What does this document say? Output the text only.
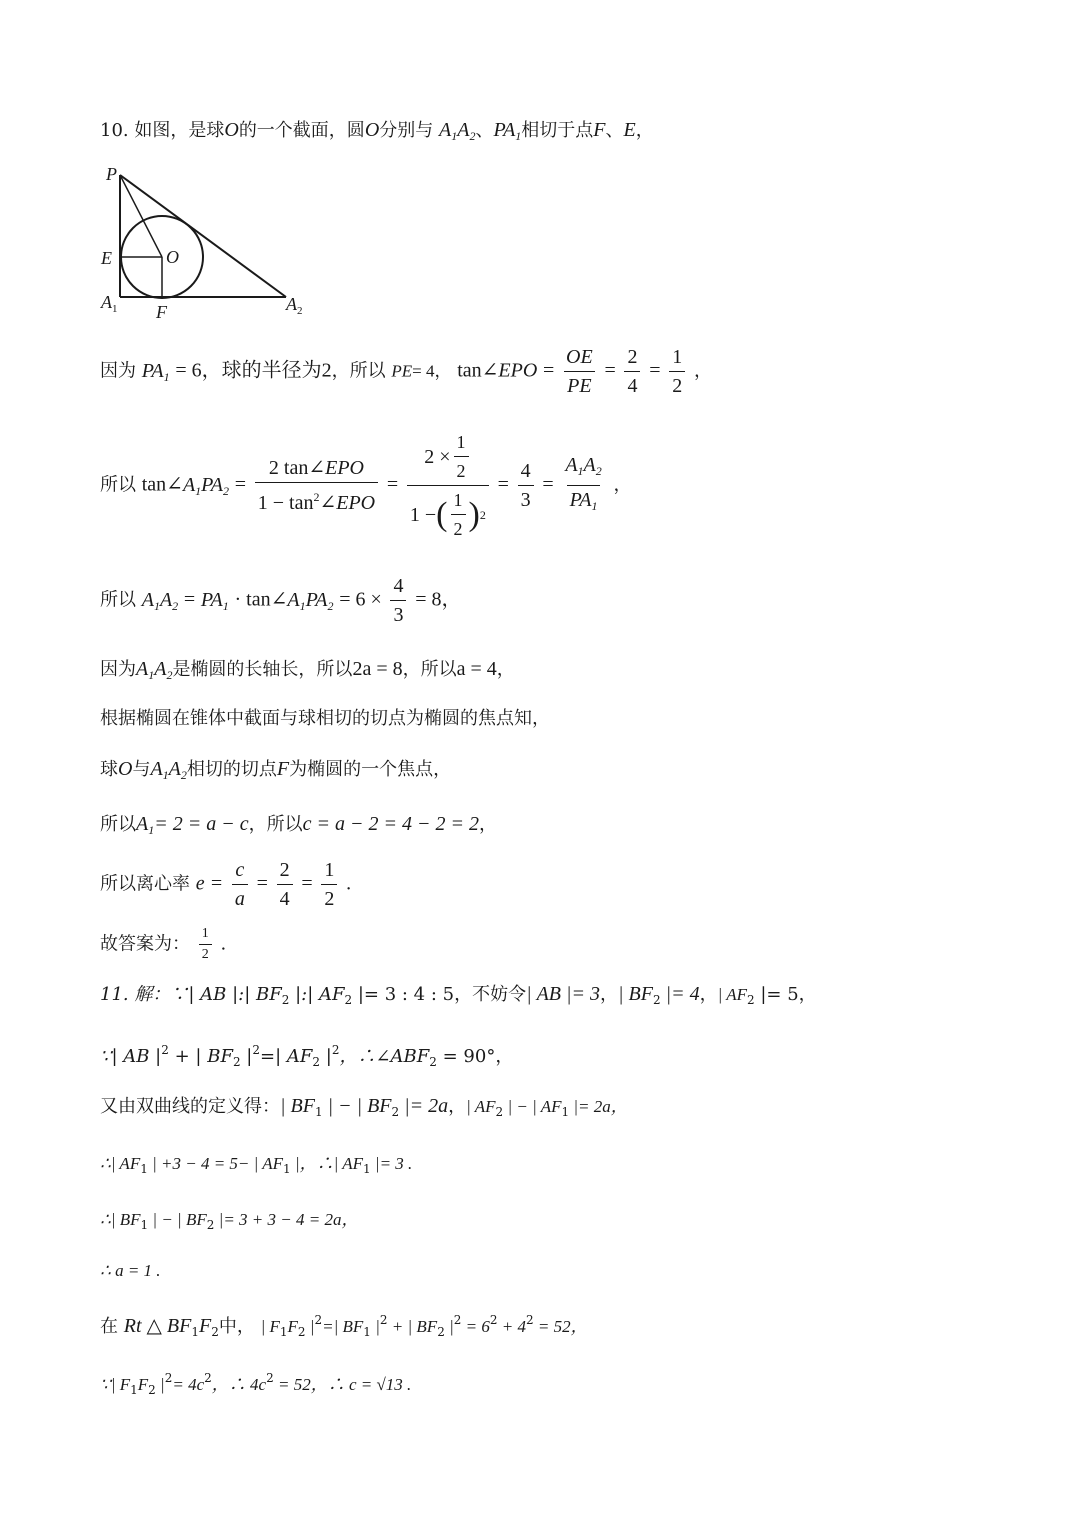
10. 如图，是球O的一个截面，圆O分别与 $A_1A_2$、$PA_1$相切于点F、E，
P
E	O
$A_1$ F	$A_2$
因为 $PA_1 = 6$，球的半径为2，所以 PE= 4， tan∠EPO = $\frac{OE}{PE} = \frac{2}{4} = \frac{1}{2}$ ，
所以 $\tan\angle A_1PA_2 = \frac{\text{2 tan∠EPO}}{1 - \tan^2\angle EPO} = \frac{2 \times \frac{1}{2}}{1 - ( \frac{1}{2} ) 2} = \frac{4}{3} = \frac{A_1A_2}{PA_1}$ ，
所以 $A_1A_2 = PA_1$ · $\tan\angle A_1PA_2 = 6 \times \frac{4}{3} = 8$，
因为$A_1A_2$是椭圆的长轴长，所以2a = 8，所以a = 4，
根据椭圆在锥体中截面与球相切的切点为椭圆的焦点知，
球O与$A_1A_2$相切的切点F为椭圆的一个焦点，
所以$A_1= 2 = a - c$，所以c = a − 2 = 4 − 2 = 2，
所以离心率 $e = \frac{c}{a} = \frac{2}{4} = \frac{1}{2}$ .
故答案为： $\frac{1}{2}$ .
11. 解：∵| AB |:| $BF_2$ |:| $AF_2$ |= 3 : 4 : 5，不妨令| AB |= 3，| $BF_2$ |= 4，| $AF_2$ |= 5，
∵| AB $|^2$ + | $BF_2$ $|^2=|$ $AF_2$ $|^2$，$\therefore\angle ABF_2 = 90^\circ$，
又由双曲线的定义得：| $BF_1$ | − | $BF_2$ |= 2a，| $AF_2$ | − | $AF_1$ |= 2a，
∴| $AF_1$ | +3 − 4 = 5− | $AF_1$ |，∴| $AF_1$ |= 3 .
∴| $BF_1$ | − | $BF_2$ |= 3 + 3 − 4 = 2a，
∴ a = 1 .
在 Rt △ $BF_1F_2$中， | $F_1F_2$ $|^2=|$ $BF_1$ $|^2$ + | $BF_2$ $|^2 = 6^2 + 4^2 = 52$，
∵| $F_1F_2$ $|^2= 4c^2$，∴ $4c^2 = 52$，∴ c = √13 .
